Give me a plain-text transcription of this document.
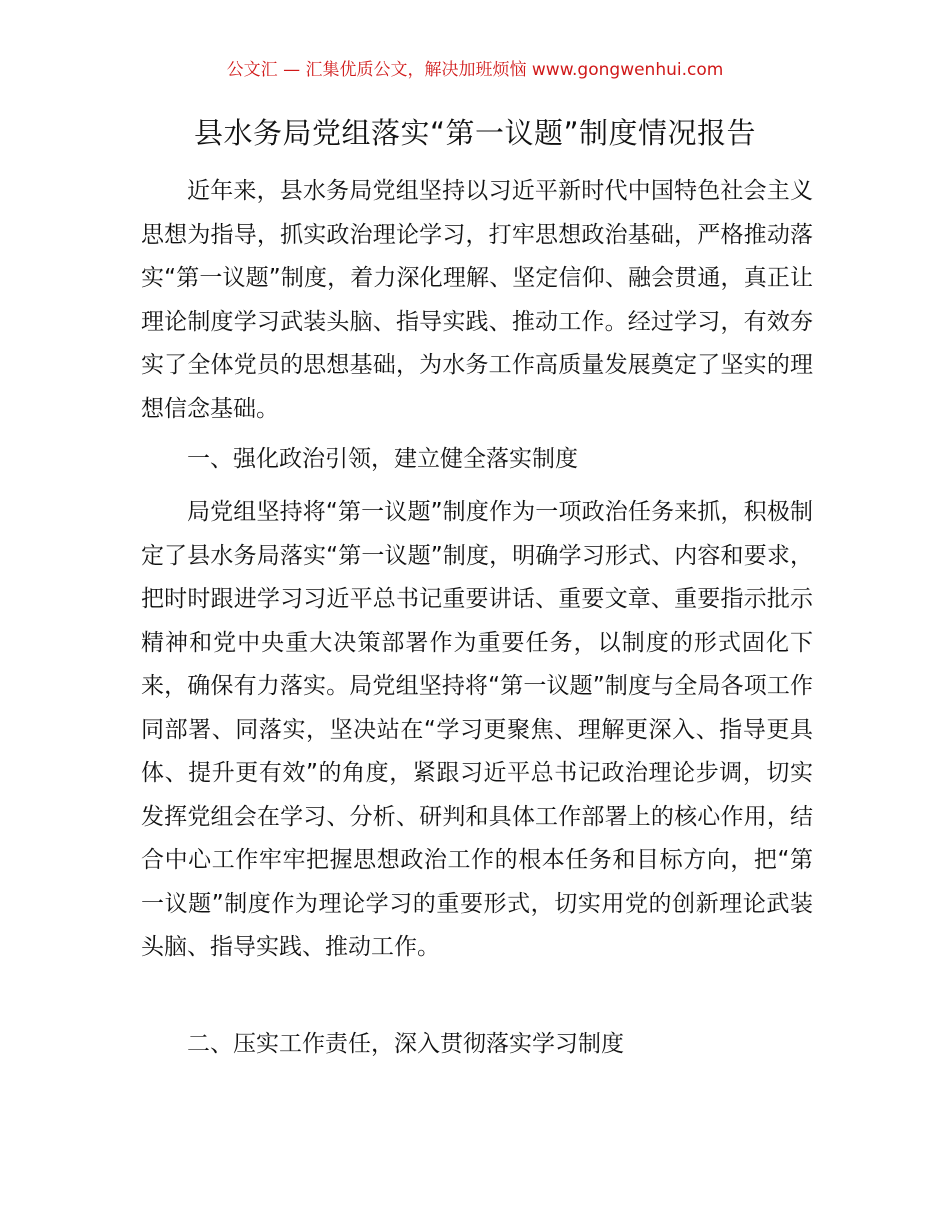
公文汇 — 汇集优质公文，解决加班烦恼 www.gongwenhui.com
县水务局党组落实“第一议题”制度情况报告

近年来，县水务局党组坚持以习近平新时代中国特色社会主义思想为指导，抓实政治理论学习，打牢思想政治基础，严格推动落实“第一议题”制度，着力深化理解、坚定信仰、融会贯通，真正让理论制度学习武装头脑、指导实践、推动工作。经过学习，有效夯实了全体党员的思想基础，为水务工作高质量发展奠定了坚实的理想信念基础。

一、强化政治引领，建立健全落实制度

局党组坚持将“第一议题”制度作为一项政治任务来抓，积极制定了县水务局落实“第一议题”制度，明确学习形式、内容和要求，把时时跟进学习习近平总书记重要讲话、重要文章、重要指示批示精神和党中央重大决策部署作为重要任务，以制度的形式固化下来，确保有力落实。局党组坚持将“第一议题”制度与全局各项工作同部署、同落实，坚决站在“学习更聚焦、理解更深入、指导更具体、提升更有效”的角度，紧跟习近平总书记政治理论步调，切实发挥党组会在学习、分析、研判和具体工作部署上的核心作用，结合中心工作牢牢把握思想政治工作的根本任务和目标方向，把“第一议题”制度作为理论学习的重要形式，切实用党的创新理论武装头脑、指导实践、推动工作。

二、压实工作责任，深入贯彻落实学习制度
